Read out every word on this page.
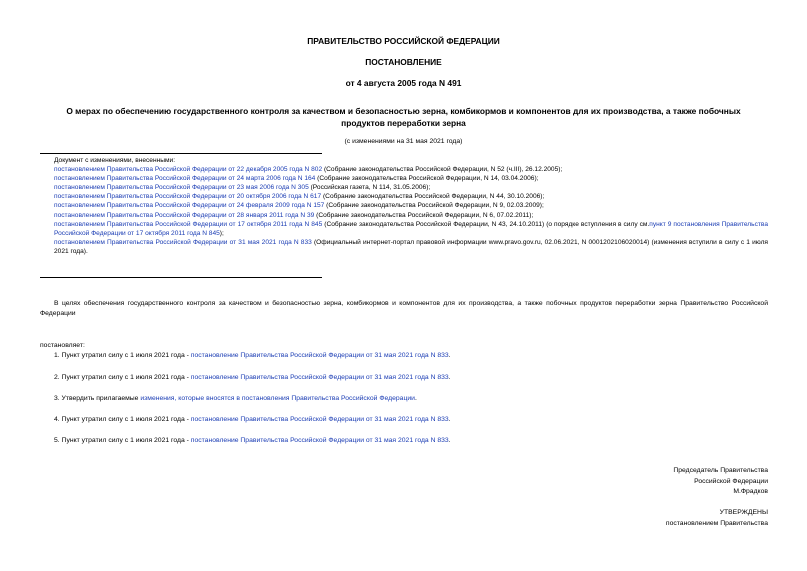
ПРАВИТЕЛЬСТВО РОССИЙСКОЙ ФЕДЕРАЦИИ
ПОСТАНОВЛЕНИЕ
от 4 августа 2005 года N 491
О мерах по обеспечению государственного контроля за качеством и безопасностью зерна, комбикормов и компонентов для их производства, а также побочных
продуктов переработки зерна
(с изменениями на 31 мая 2021 года)
Документ с изменениями, внесенными:
постановлением Правительства Российской Федерации от 22 декабря 2005 года N 802 (Собрание законодательства Российской Федерации, N 52 (ч.III), 26.12.2005);
постановлением Правительства Российской Федерации от 24 марта 2006 года N 164 (Собрание законодательства Российской Федерации, N 14, 03.04.2006);
постановлением Правительства Российской Федерации от 23 мая 2006 года N 305 (Российская газета, N 114, 31.05.2006);
постановлением Правительства Российской Федерации от 20 октября 2006 года N 617 (Собрание законодательства Российской Федерации, N 44, 30.10.2006);
постановлением Правительства Российской Федерации от 24 февраля 2009 года N 157 (Собрание законодательства Российской Федерации, N 9, 02.03.2009);
постановлением Правительства Российской Федерации от 28 января 2011 года N 39 (Собрание законодательства Российской Федерации, N 6, 07.02.2011);
постановлением Правительства Российской Федерации от 17 октября 2011 года N 845 (Собрание законодательства Российской Федерации, N 43, 24.10.2011) (о порядке вступления в силу см.пункт 9 постановления Правительства Российской Федерации от 17 октября 2011 года N 845);
постановлением Правительства Российской Федерации от 31 мая 2021 года N 833 (Официальный интернет-портал правовой информации www.pravo.gov.ru, 02.06.2021, N 0001202106020014) (изменения вступили в силу с 1 июля 2021 года).
В целях обеспечения государственного контроля за качеством и безопасностью зерна, комбикормов и компонентов для их производства, а также побочных продуктов переработки зерна Правительство Российской Федерации
постановляет:
1. Пункт утратил силу с 1 июля 2021 года - постановление Правительства Российской Федерации от 31 мая 2021 года N 833.
2. Пункт утратил силу с 1 июля 2021 года - постановление Правительства Российской Федерации от 31 мая 2021 года N 833.
3. Утвердить прилагаемые изменения, которые вносятся в постановления Правительства Российской Федерации.
4. Пункт утратил силу с 1 июля 2021 года - постановление Правительства Российской Федерации от 31 мая 2021 года N 833.
5. Пункт утратил силу с 1 июля 2021 года - постановление Правительства Российской Федерации от 31 мая 2021 года N 833.
Председатель Правительства
Российской Федерации
М.Фрадков
УТВЕРЖДЕНЫ
постановлением Правительства
